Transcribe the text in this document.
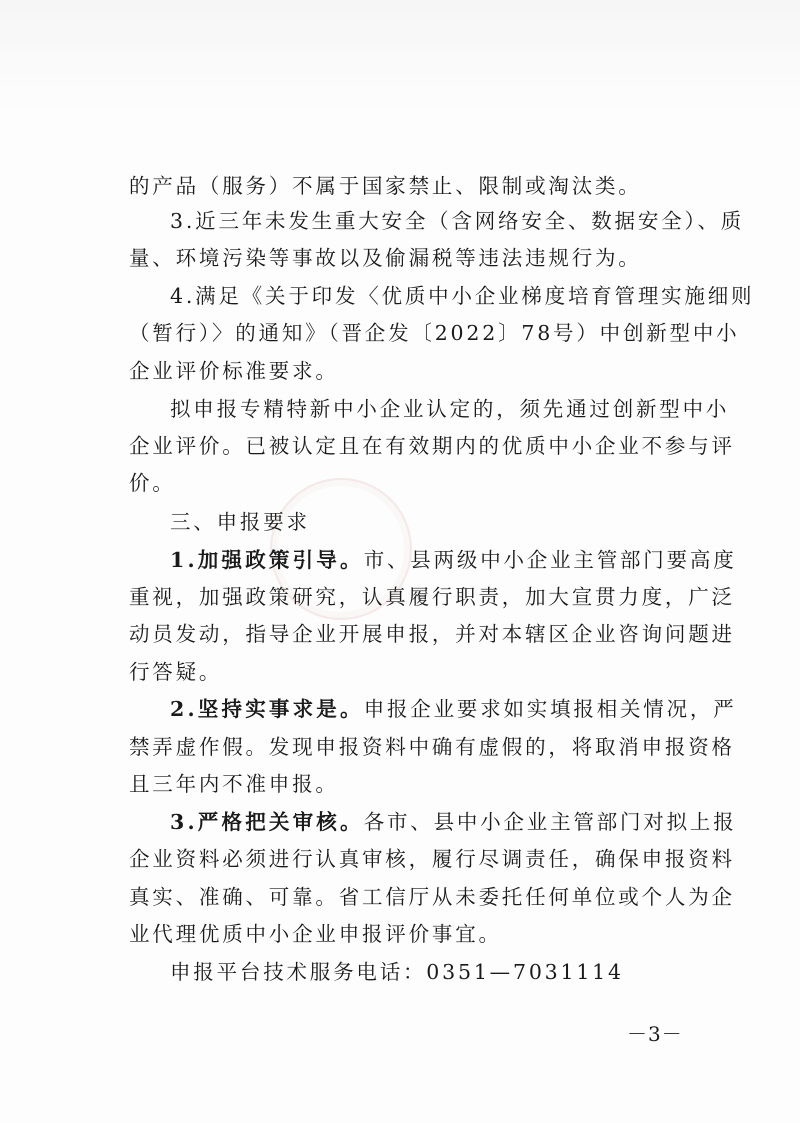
的产品（服务）不属于国家禁止、限制或淘汰类。
3.近三年未发生重大安全（含网络安全、数据安全）、质
量、环境污染等事故以及偷漏税等违法违规行为。
4.满足《关于印发〈优质中小企业梯度培育管理实施细则
（暂行）〉的通知》（晋企发〔2022〕78号）中创新型中小
企业评价标准要求。
拟申报专精特新中小企业认定的，须先通过创新型中小
企业评价。已被认定且在有效期内的优质中小企业不参与评
价。
三、申报要求
1.加强政策引导。市、县两级中小企业主管部门要高度
重视，加强政策研究，认真履行职责，加大宣贯力度，广泛
动员发动，指导企业开展申报，并对本辖区企业咨询问题进
行答疑。
2.坚持实事求是。申报企业要求如实填报相关情况，严
禁弄虚作假。发现申报资料中确有虚假的，将取消申报资格
且三年内不准申报。
3.严格把关审核。各市、县中小企业主管部门对拟上报
企业资料必须进行认真审核，履行尽调责任，确保申报资料
真实、准确、可靠。省工信厅从未委托任何单位或个人为企
业代理优质中小企业申报评价事宜。
申报平台技术服务电话：0351—7031114
－3－
